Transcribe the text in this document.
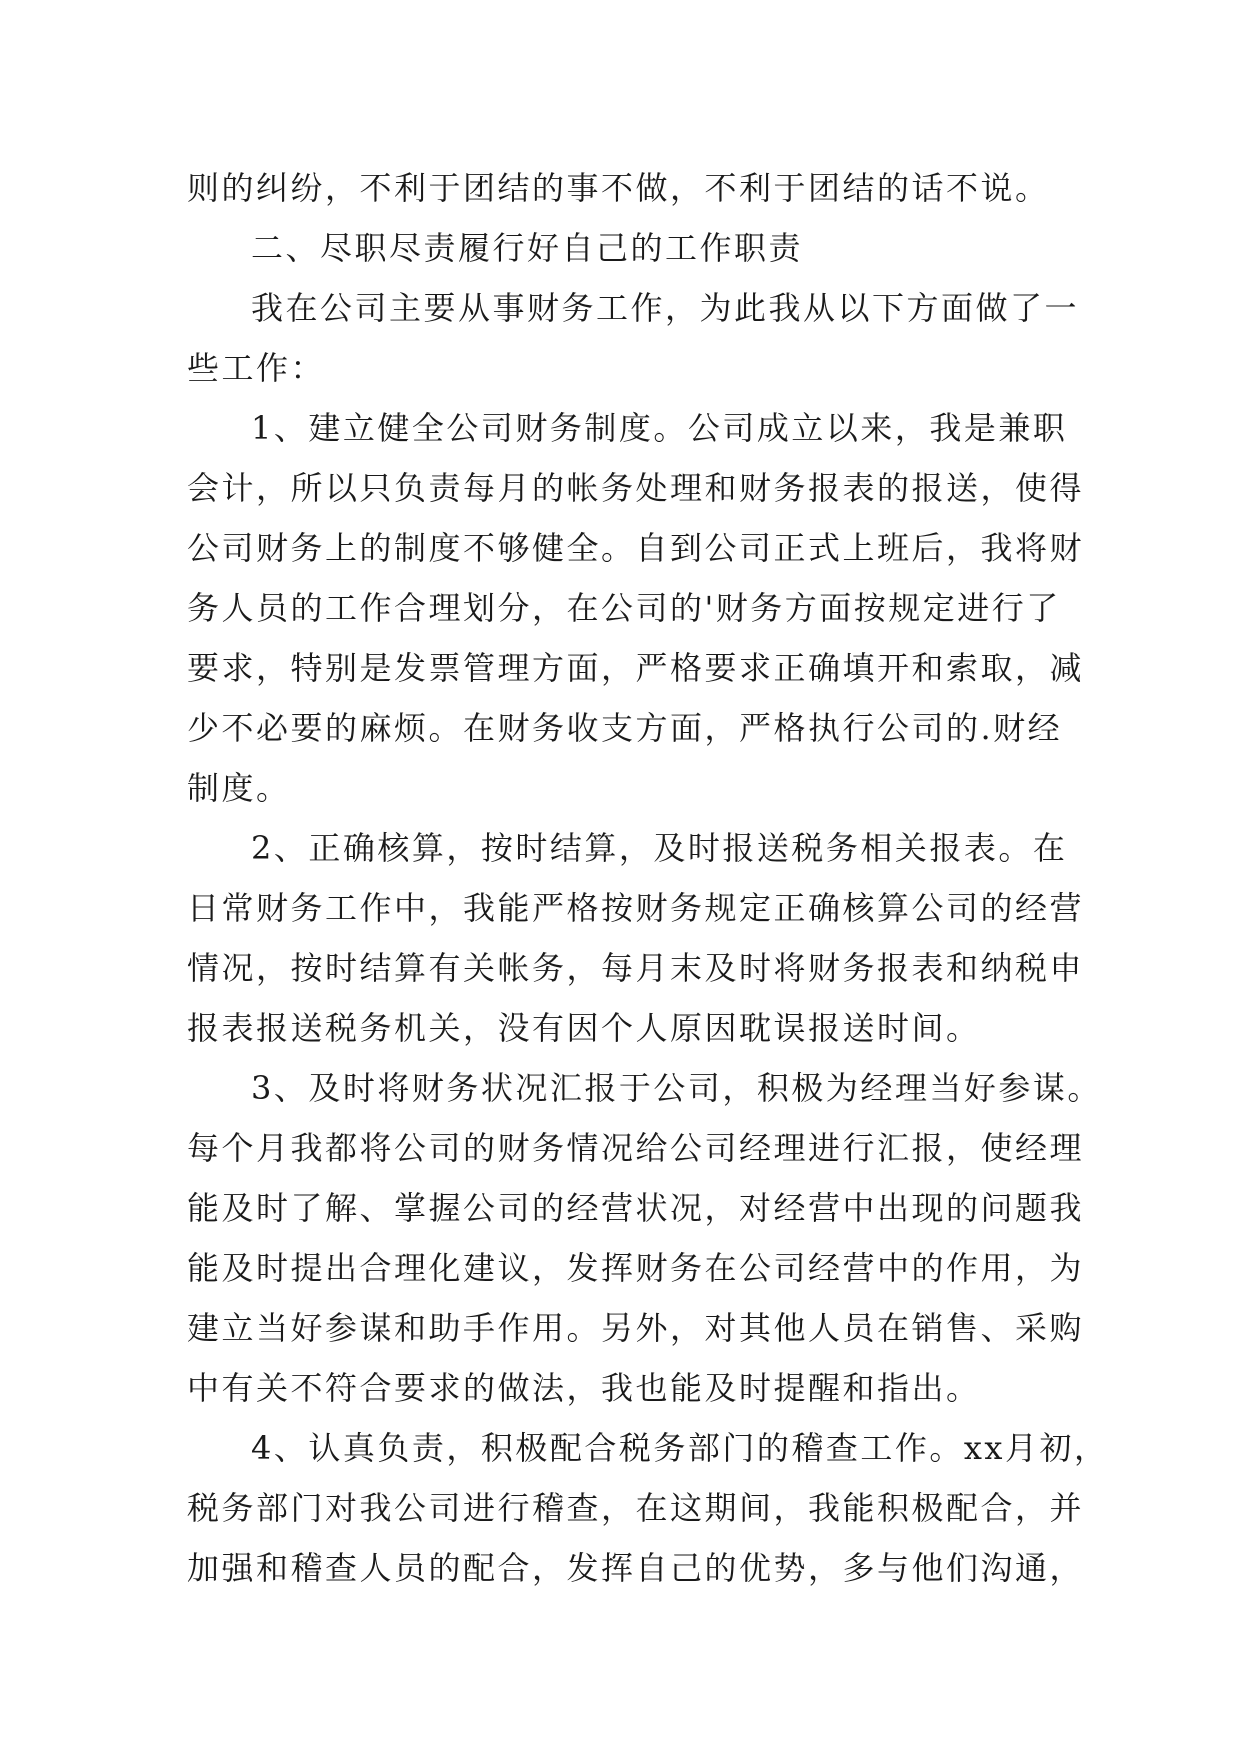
则的纠纷，不利于团结的事不做，不利于团结的话不说。
二、尽职尽责履行好自己的工作职责
我在公司主要从事财务工作，为此我从以下方面做了一
些工作：
1、建立健全公司财务制度。公司成立以来，我是兼职
会计，所以只负责每月的帐务处理和财务报表的报送，使得
公司财务上的制度不够健全。自到公司正式上班后，我将财
务人员的工作合理划分，在公司的'财务方面按规定进行了
要求，特别是发票管理方面，严格要求正确填开和索取，减
少不必要的麻烦。在财务收支方面，严格执行公司的.财经
制度。
2、正确核算，按时结算，及时报送税务相关报表。在
日常财务工作中，我能严格按财务规定正确核算公司的经营
情况，按时结算有关帐务，每月末及时将财务报表和纳税申
报表报送税务机关，没有因个人原因耽误报送时间。
3、及时将财务状况汇报于公司，积极为经理当好参谋。
每个月我都将公司的财务情况给公司经理进行汇报，使经理
能及时了解、掌握公司的经营状况，对经营中出现的问题我
能及时提出合理化建议，发挥财务在公司经营中的作用，为
建立当好参谋和助手作用。另外，对其他人员在销售、采购
中有关不符合要求的做法，我也能及时提醒和指出。
4、认真负责，积极配合税务部门的稽查工作。xx月初，
税务部门对我公司进行稽查，在这期间，我能积极配合，并
加强和稽查人员的配合，发挥自己的优势，多与他们沟通，
